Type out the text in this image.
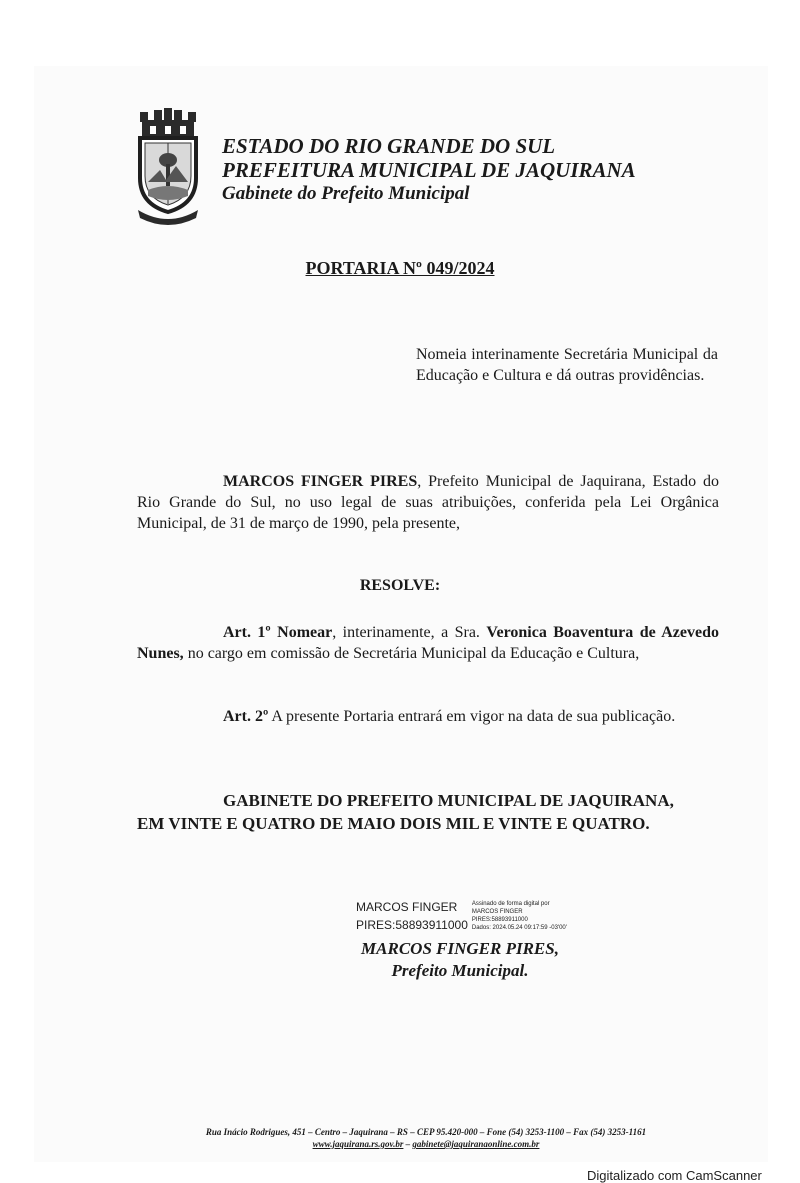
ESTADO DO RIO GRANDE DO SUL
PREFEITURA MUNICIPAL DE JAQUIRANA
Gabinete do Prefeito Municipal
PORTARIA Nº 049/2024
Nomeia interinamente Secretária Municipal da Educação e Cultura e dá outras providências.
MARCOS FINGER PIRES, Prefeito Municipal de Jaquirana, Estado do Rio Grande do Sul, no uso legal de suas atribuições, conferida pela Lei Orgânica Municipal, de 31 de março de 1990, pela presente,
RESOLVE:
Art. 1º Nomear, interinamente, a Sra. Veronica Boaventura de Azevedo Nunes, no cargo em comissão de Secretária Municipal da Educação e Cultura,
Art. 2º A presente Portaria entrará em vigor na data de sua publicação.
GABINETE DO PREFEITO MUNICIPAL DE JAQUIRANA,
EM VINTE E QUATRO DE MAIO DOIS MIL E VINTE E QUATRO.
MARCOS FINGER
PIRES:58893911000
Assinado de forma digital por
MARCOS FINGER
PIRES:58893911000
Dados: 2024.05.24 09:17:59 -03'00'
MARCOS FINGER PIRES,
Prefeito Municipal.
Rua Inácio Rodrigues, 451 – Centro – Jaquirana – RS – CEP 95.420-000 – Fone (54) 3253-1100 – Fax (54) 3253-1161
www.jaquirana.rs.gov.br – gabinete@jaquiranaonline.com.br
Digitalizado com CamScanner
